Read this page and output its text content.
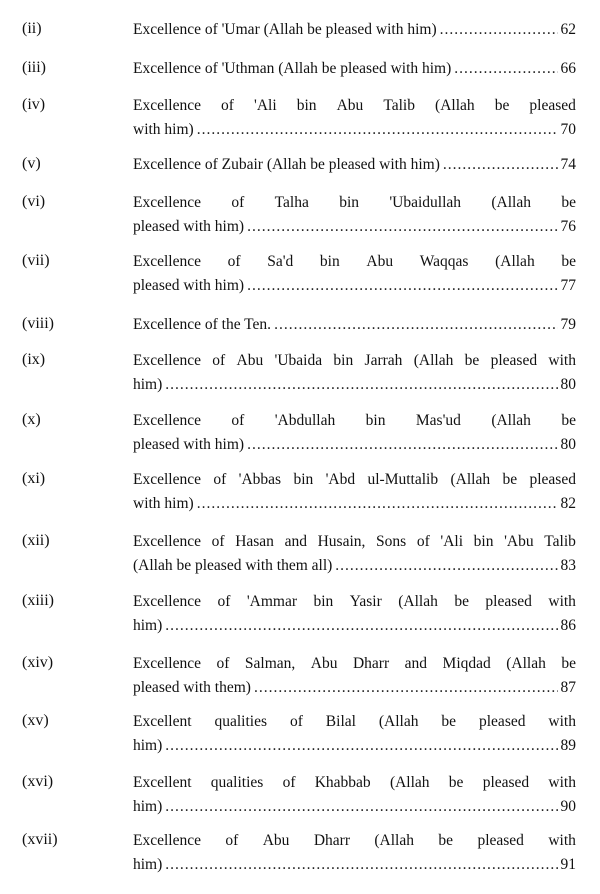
(ii)	Excellence of 'Umar (Allah be pleased with him) .....	62
(iii)	Excellence of 'Uthman (Allah be pleased with him) .....	66
(iv)	Excellence of 'Ali bin Abu Talib (Allah be pleased
with him) .....	70
(v)	Excellence of Zubair (Allah be pleased with him) .....	74
(vi)	Excellence of Talha bin 'Ubaidullah (Allah be
pleased with him) .....	76
(vii)	Excellence of Sa'd bin Abu Waqqas (Allah be
pleased with him) .....	77
(viii)	Excellence of the Ten. .....	79
(ix)	Excellence of Abu 'Ubaida bin Jarrah (Allah be pleased with
him) .....	80
(x)	Excellence of 'Abdullah bin Mas'ud (Allah be
pleased with him) .....	80
(xi)	Excellence of 'Abbas bin 'Abd ul-Muttalib (Allah be pleased
with him) .....	82
(xii)	Excellence of Hasan and Husain, Sons of 'Ali bin 'Abu Talib
(Allah be pleased with them all) .....	83
(xiii)	Excellence of 'Ammar bin Yasir (Allah be pleased with
him) .....	86
(xiv)	Excellence of Salman, Abu Dharr and Miqdad (Allah be
pleased with them) .....	87
(xv)	Excellent qualities of Bilal (Allah be pleased with
him) .....	89
(xvi)	Excellent qualities of Khabbab (Allah be pleased with
him) .....	90
(xvii)	Excellence of Abu Dharr (Allah be pleased with
him) .....	91
